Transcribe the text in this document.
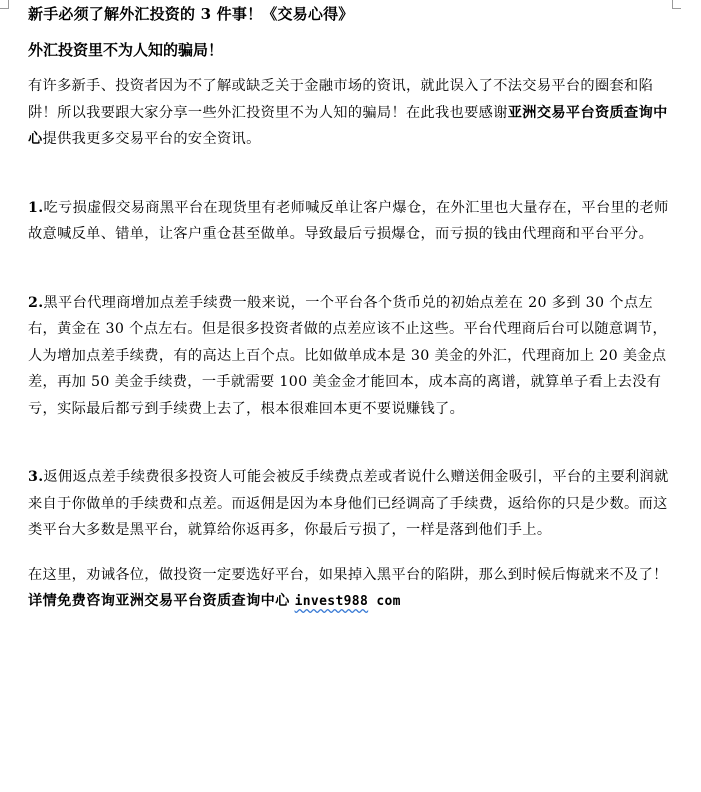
新手必须了解外汇投资的 3 件事！《交易心得》
外汇投资里不为人知的骗局！

有许多新手、投资者因为不了解或缺乏关于金融市场的资讯，就此误入了不法交易平台的圈套和陷阱！所以我要跟大家分享一些外汇投资里不为人知的骗局！在此我也要感谢亚洲交易平台资质查询中心提供我更多交易平台的安全资讯。

1.吃亏损虚假交易商黑平台在现货里有老师喊反单让客户爆仓，在外汇里也大量存在，平台里的老师故意喊反单、错单，让客户重仓甚至做单。导致最后亏损爆仓，而亏损的钱由代理商和平台平分。

2.黑平台代理商增加点差手续费一般来说，一个平台各个货币兑的初始点差在 20 多到 30 个点左右，黄金在 30 个点左右。但是很多投资者做的点差应该不止这些。平台代理商后台可以随意调节，人为增加点差手续费，有的高达上百个点。比如做单成本是 30 美金的外汇，代理商加上 20 美金点差，再加 50 美金手续费，一手就需要 100 美金金才能回本，成本高的离谱，就算单子看上去没有亏，实际最后都亏到手续费上去了，根本很难回本更不要说赚钱了。

3.返佣返点差手续费很多投资人可能会被反手续费点差或者说什么赠送佣金吸引，平台的主要利润就来自于你做单的手续费和点差。而返佣是因为本身他们已经调高了手续费，返给你的只是少数。而这类平台大多数是黑平台，就算给你返再多，你最后亏损了，一样是落到他们手上。

在这里，劝诫各位，做投资一定要选好平台，如果掉入黑平台的陷阱，那么到时候后悔就来不及了！详情免费咨询亚洲交易平台资质查询中心 invest988 com
